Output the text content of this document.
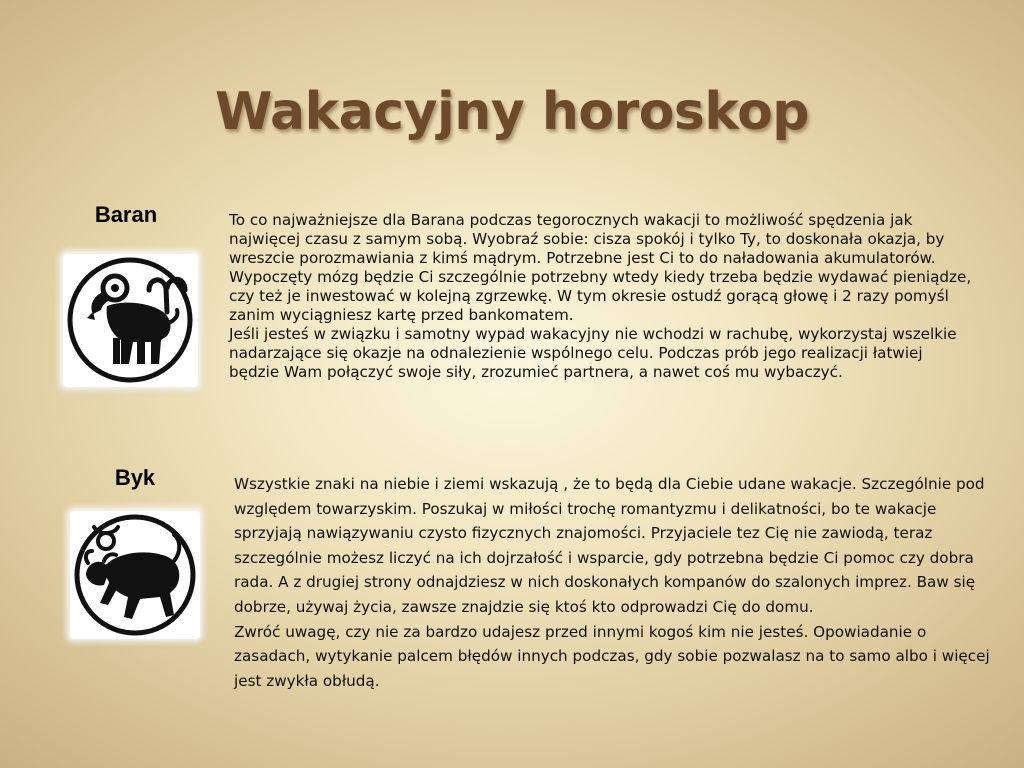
Wakacyjny horoskop
Baran	To co najważniejsze dla Barana podczas tegorocznych wakacji to możliwość spędzenia jak najwięcej czasu z samym sobą. Wyobraź sobie: cisza spokój i tylko Ty, to doskonała okazja, by wreszcie porozmawiania z kimś mądrym. Potrzebne jest Ci to do naładowania akumulatorów.

Wypoczęty mózg będzie Ci szczególnie potrzebny wtedy kiedy trzeba będzie wydawać pieniądze, czy też je inwestować w kolejną zgrzewkę. W tym okresie ostudź gorącą głowę i 2 razy pomyśl zanim wyciągniesz kartę przed bankomatem.

Jeśli jesteś w związku i samotny wypad wakacyjny nie wchodzi w rachubę, wykorzystaj wszelkie nadarzające się okazje na odnalezienie wspólnego celu. Podczas prób jego realizacji łatwiej będzie Wam połączyć swoje siły, zrozumieć partnera, a nawet coś mu wybaczyć.

Byk	Wszystkie znaki na niebie i ziemi wskazują , że to będą dla Ciebie udane wakacje. Szczególnie pod względem towarzyskim. Poszukaj w miłości trochę romantyzmu i delikatności, bo te wakacje sprzyjają nawiązywaniu czysto fizycznych znajomości. Przyjaciele tez Cię nie zawiodą, teraz szczególnie możesz liczyć na ich dojrzałość i wsparcie, gdy potrzebna będzie Ci pomoc czy dobra rada. A z drugiej strony odnajdziesz w nich doskonałych kompanów do szalonych imprez. Baw się dobrze, używaj życia, zawsze znajdzie się ktoś kto odprowadzi Cię do domu.

Zwróć uwagę, czy nie za bardzo udajesz przed innymi kogoś kim nie jesteś. Opowiadanie o zasadach, wytykanie palcem błędów innych podczas, gdy sobie pozwalasz na to samo albo i więcej jest zwykła obłudą.
